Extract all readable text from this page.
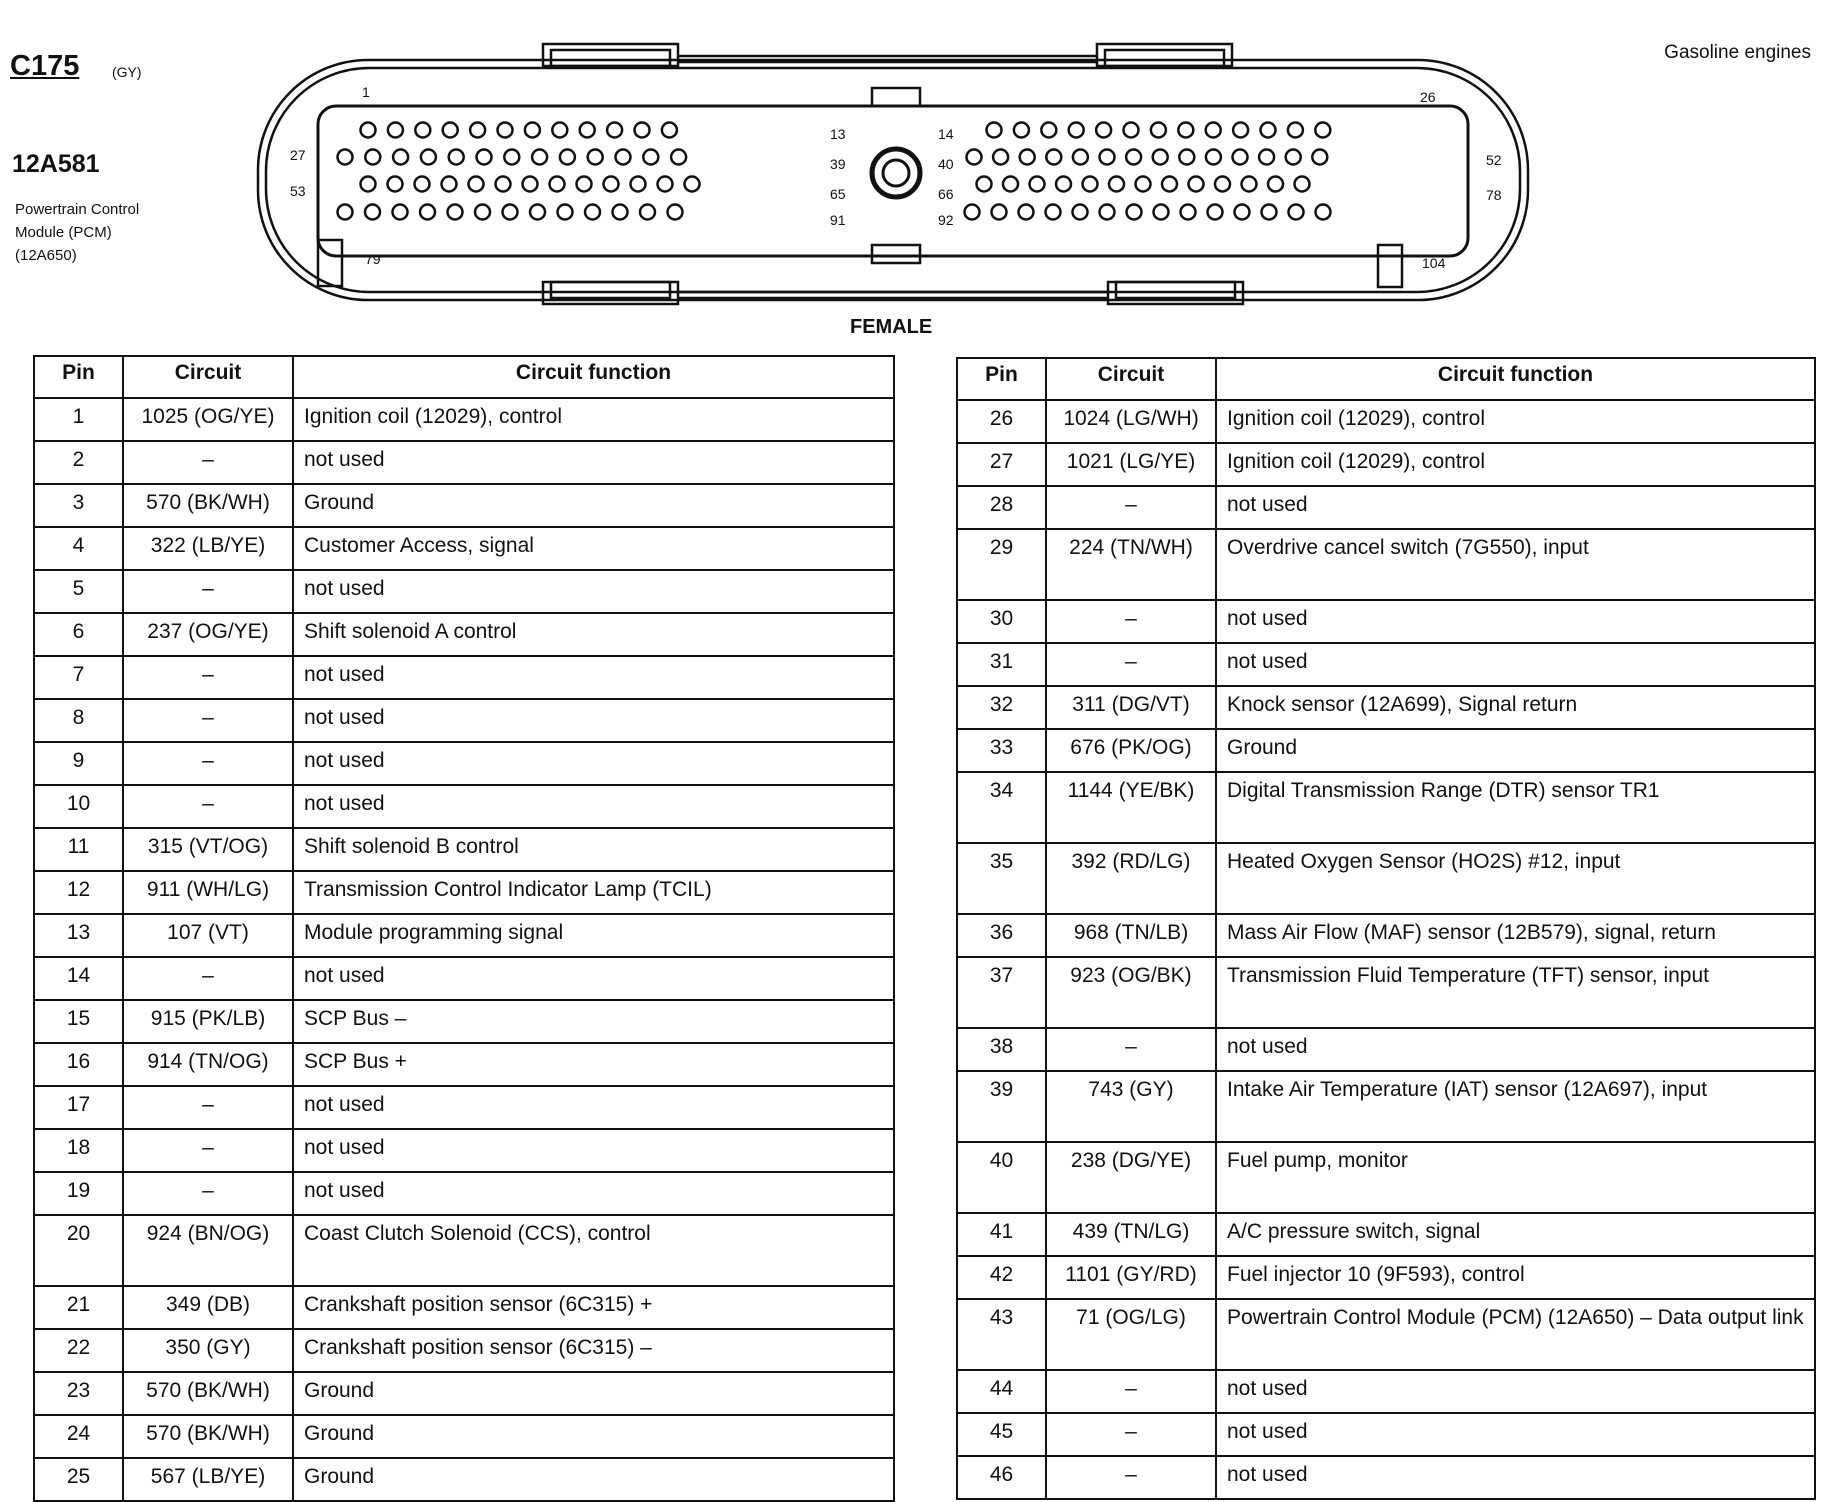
C175 (GY)
12A581
Powertrain Control Module (PCM) (12A650)
Gasoline engines
1	26
27
53
79	104
13
39
65
91
14
40
66
92
52
78
FEMALE
Pin	Circuit	Circuit function
1	1025 (OG/YE)	Ignition coil (12029), control
2	–	not used
3	570 (BK/WH)	Ground
4	322 (LB/YE)	Customer Access, signal
5	–	not used
6	237 (OG/YE)	Shift solenoid A control
7	–	not used
8	–	not used
9	–	not used
10	–	not used
11	315 (VT/OG)	Shift solenoid B control
12	911 (WH/LG)	Transmission Control Indicator Lamp (TCIL)
13	107 (VT)	Module programming signal
14	–	not used
15	915 (PK/LB)	SCP Bus –
16	914 (TN/OG)	SCP Bus +
17	–	not used
18	–	not used
19	–	not used
20	924 (BN/OG)	Coast Clutch Solenoid (CCS), control
21	349 (DB)	Crankshaft position sensor (6C315) +
22	350 (GY)	Crankshaft position sensor (6C315) –
23	570 (BK/WH)	Ground
24	570 (BK/WH)	Ground
25	567 (LB/YE)	Ground
Pin	Circuit	Circuit function
26	1024 (LG/WH)	Ignition coil (12029), control
27	1021 (LG/YE)	Ignition coil (12029), control
28	–	not used
29	224 (TN/WH)	Overdrive cancel switch (7G550), input
30	–	not used
31	–	not used
32	311 (DG/VT)	Knock sensor (12A699), Signal return
33	676 (PK/OG)	Ground
34	1144 (YE/BK)	Digital Transmission Range (DTR) sensor TR1
35	392 (RD/LG)	Heated Oxygen Sensor (HO2S) #12, input
36	968 (TN/LB)	Mass Air Flow (MAF) sensor (12B579), signal, return
37	923 (OG/BK)	Transmission Fluid Temperature (TFT) sensor, input
38	–	not used
39	743 (GY)	Intake Air Temperature (IAT) sensor (12A697), input
40	238 (DG/YE)	Fuel pump, monitor
41	439 (TN/LG)	A/C pressure switch, signal
42	1101 (GY/RD)	Fuel injector 10 (9F593), control
43	71 (OG/LG)	Powertrain Control Module (PCM) (12A650) – Data output link
44	–	not used
45	–	not used
46	–	not used
